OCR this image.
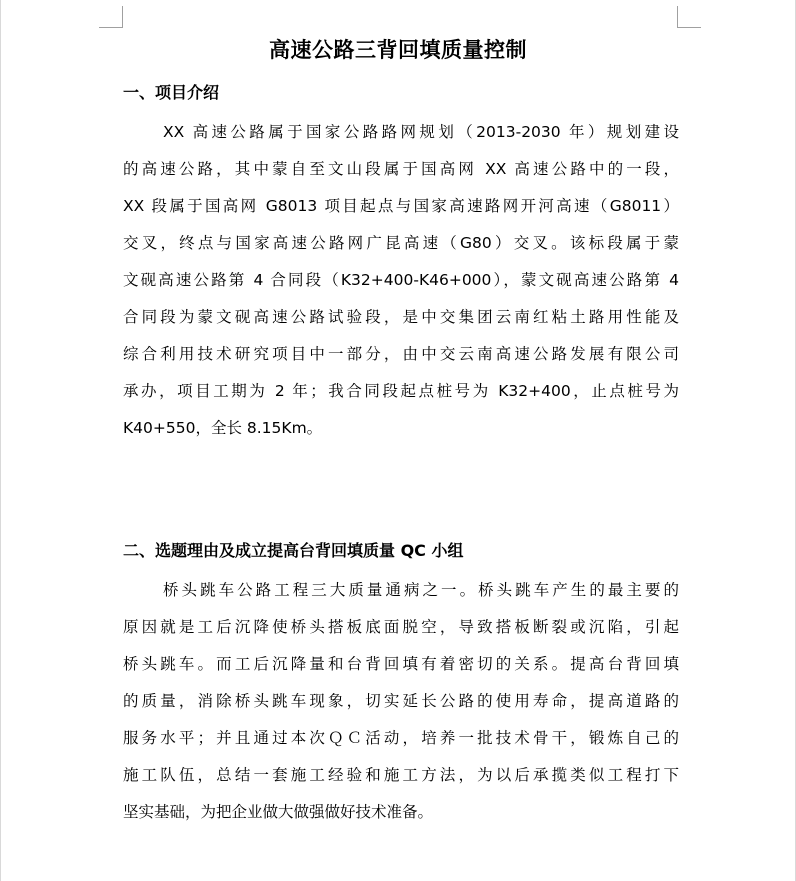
高速公路三背回填质量控制
一、项目介绍
XX 高速公路属于国家公路路网规划（2013-2030 年）规划建设
的高速公路，其中蒙自至文山段属于国高网 XX 高速公路中的一段，
XX 段属于国高网 G8013 项目起点与国家高速路网开河高速（G8011）
交叉，终点与国家高速公路网广昆高速（G80）交叉。该标段属于蒙
文砚高速公路第 4 合同段（K32+400-K46+000），蒙文砚高速公路第 4
合同段为蒙文砚高速公路试验段，是中交集团云南红粘土路用性能及
综合利用技术研究项目中一部分，由中交云南高速公路发展有限公司
承办，项目工期为 2 年；我合同段起点桩号为 K32+400，止点桩号为
K40+550，全长 8.15Km。
二、选题理由及成立提高台背回填质量 QC 小组
桥头跳车公路工程三大质量通病之一。桥头跳车产生的最主要的
原因就是工后沉降使桥头搭板底面脱空，导致搭板断裂或沉陷，引起
桥头跳车。而工后沉降量和台背回填有着密切的关系。提高台背回填
的质量，消除桥头跳车现象，切实延长公路的使用寿命，提高道路的
服务水平；并且通过本次ＱＣ活动，培养一批技术骨干，锻炼自己的
施工队伍，总结一套施工经验和施工方法，为以后承揽类似工程打下
坚实基础，为把企业做大做强做好技术准备。
